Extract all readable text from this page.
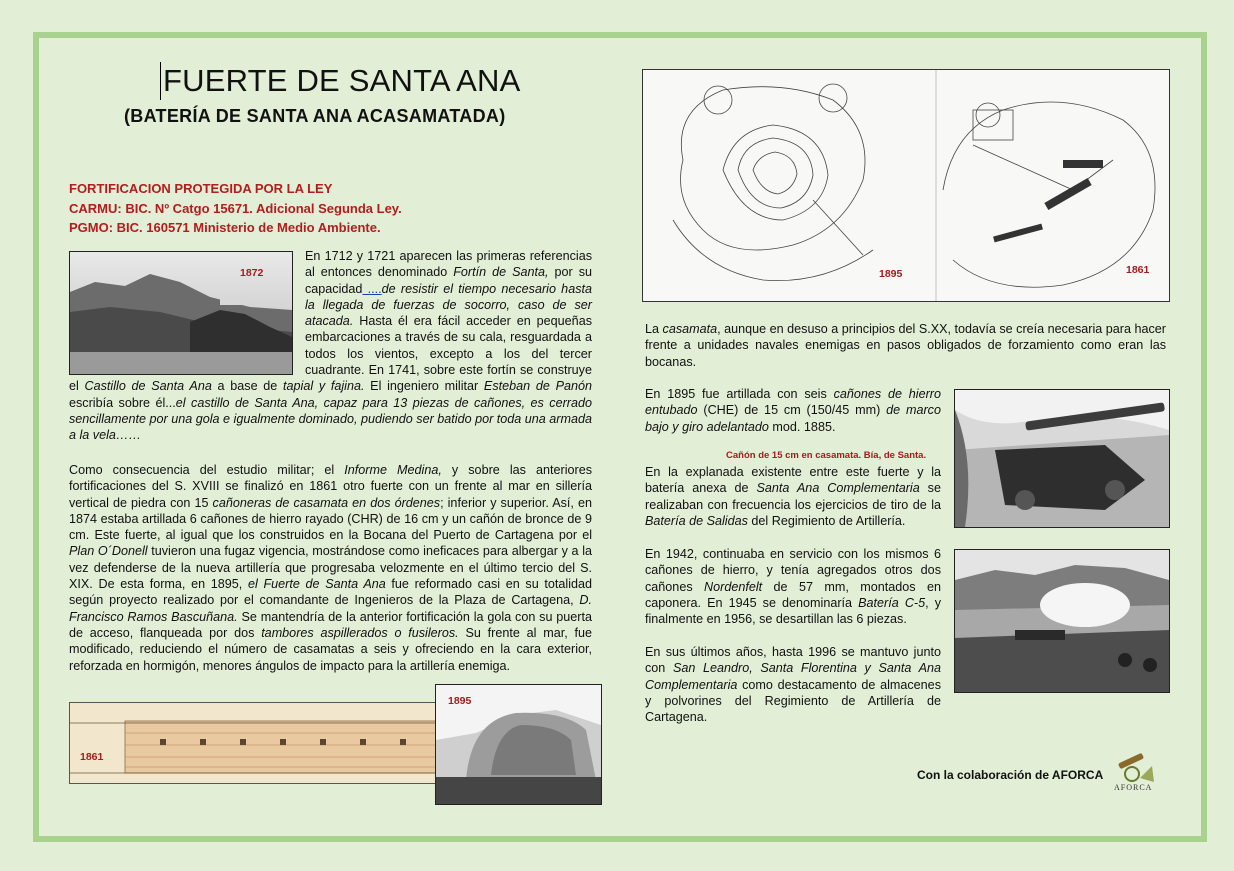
FUERTE DE SANTA ANA
(BATERÍA DE SANTA ANA ACASAMATADA)
FORTIFICACION PROTEGIDA POR LA LEY
CARMU: BIC. Nº Catgo 15671. Adicional Segunda Ley.
PGMO: BIC. 160571 Ministerio de Medio Ambiente.
1872
En 1712 y 1721 aparecen las primeras referencias al entonces denominado Fortín de Santa, por su capacidad ....de resistir el tiempo necesario hasta la llegada de fuerzas de socorro, caso de ser atacada. Hasta él era fácil acceder en pequeñas embarcaciones a través de su cala, resguardada a todos los vientos, excepto a los del tercer cuadrante. En 1741, sobre este fortín se construye el Castillo de Santa Ana a base de tapial y fajina. El ingeniero militar Esteban de Panón escribía sobre él...el castillo de Santa Ana, capaz para 13 piezas de cañones, es cerrado sencillamente por una gola e igualmente dominado, pudiendo ser batido por toda una armada a la vela……
Como consecuencia del estudio militar; el Informe Medina, y sobre las anteriores fortificaciones del S. XVIII se finalizó en 1861 otro fuerte con un frente al mar en sillería vertical de piedra con 15 cañoneras de casamata en dos órdenes; inferior y superior. Así, en 1874 estaba artillada 6 cañones de hierro rayado (CHR) de 16 cm y un cañón de bronce de 9 cm. Este fuerte, al igual que los construidos en la Bocana del Puerto de Cartagena por el Plan O´Donell tuvieron una fugaz vigencia, mostrándose como ineficaces para albergar y a la vez defenderse de la nueva artillería que progresaba velozmente en el último tercio del S. XIX. De esta forma, en 1895, el Fuerte de Santa Ana fue reformado casi en su totalidad según proyecto realizado por el comandante de Ingenieros de la Plaza de Cartagena, D. Francisco Ramos Bascuñana. Se mantendría de la anterior fortificación la gola con su puerta de acceso, flanqueada por dos tambores aspillerados o fusileros. Su frente al mar, fue modificado, reduciendo el número de casamatas a seis y ofreciendo en la cara exterior, reforzada en hormigón, menores ángulos de impacto para la artillería enemiga.
1861
1895
1895	1861
La casamata, aunque en desuso a principios del S.XX, todavía se creía necesaria para hacer frente a unidades navales enemigas en pasos obligados de forzamiento como eran las bocanas.
En 1895 fue artillada con seis cañones de hierro entubado (CHE) de 15 cm (150/45 mm) de marco bajo y giro adelantado mod. 1885.
Cañón de 15 cm en casamata. Bía, de Santa.
En la explanada existente entre este fuerte y la batería anexa de Santa Ana Complementaria se realizaban con frecuencia los ejercicios de tiro de la Batería de Salidas del Regimiento de Artillería.
En 1942, continuaba en servicio con los mismos 6 cañones de hierro, y tenía agregados otros dos cañones Nordenfelt de 57 mm, montados en caponera. En 1945 se denominaría Batería C-5, y finalmente en 1956, se desartillan las 6 piezas.
En sus últimos años, hasta 1996 se mantuvo junto con San Leandro, Santa Florentina y Santa Ana Complementaria como destacamento de almacenes y polvorines del Regimiento de Artillería de Cartagena.
Con la colaboración de AFORCA
AFORCA
